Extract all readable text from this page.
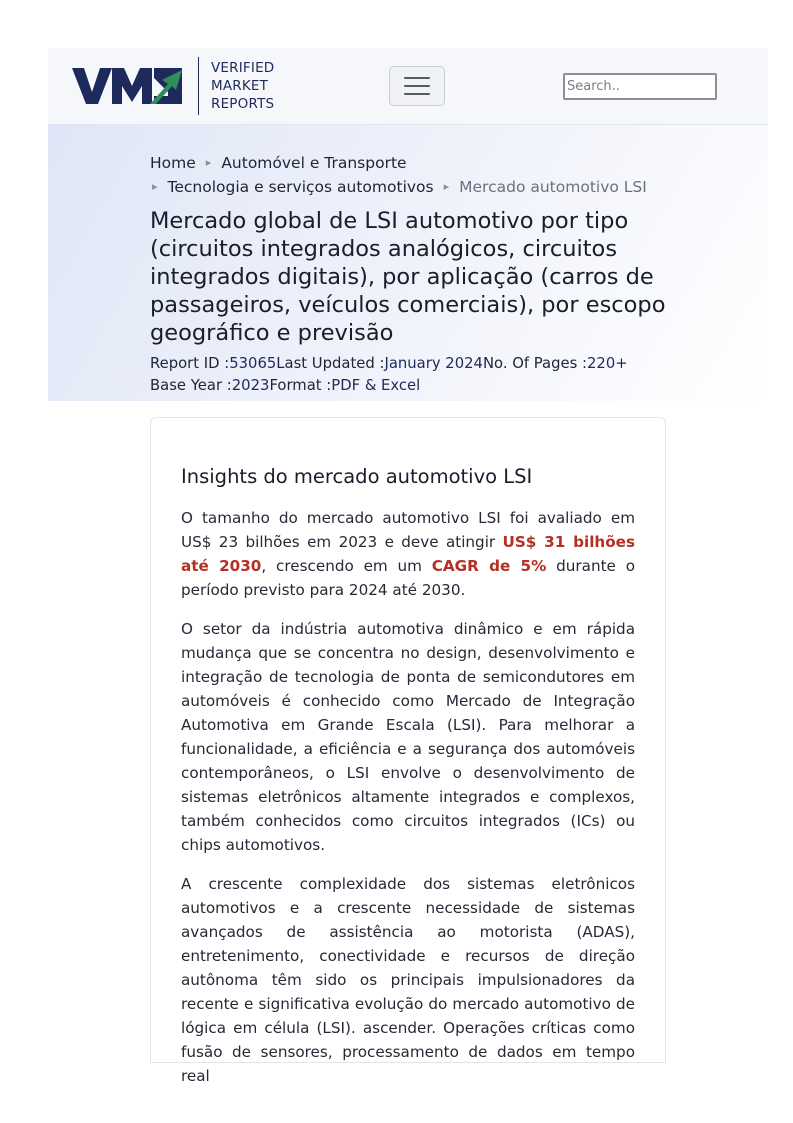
VERIFIED
MARKET
REPORTS
Search..
Home ▸ Automóvel e Transporte
▸ Tecnologia e serviços automotivos ▸ Mercado automotivo LSI
Mercado global de LSI automotivo por tipo (circuitos integrados analógicos, circuitos integrados digitais), por aplicação (carros de passageiros, veículos comerciais), por escopo geográfico e previsão
Report ID : 53065 Last Updated : January 2024 No. Of Pages : 220+
Base Year : 2023 Format : PDF & Excel
Insights do mercado automotivo LSI

O tamanho do mercado automotivo LSI foi avaliado em US$ 23 bilhões em 2023 e deve atingir US$ 31 bilhões até 2030, crescendo em um CAGR de 5% durante o período previsto para 2024 até 2030.

O setor da indústria automotiva dinâmico e em rápida mudança que se concentra no design, desenvolvimento e integração de tecnologia de ponta de semicondutores em automóveis é conhecido como Mercado de Integração Automotiva em Grande Escala (LSI). Para melhorar a funcionalidade, a eficiência e a segurança dos automóveis contemporâneos, o LSI envolve o desenvolvimento de sistemas eletrônicos altamente integrados e complexos, também conhecidos como circuitos integrados (ICs) ou chips automotivos.

A crescente complexidade dos sistemas eletrônicos automotivos e a crescente necessidade de sistemas avançados de assistência ao motorista (ADAS), entretenimento, conectividade e recursos de direção autônoma têm sido os principais impulsionadores da recente e significativa evolução do mercado automotivo de lógica em célula (LSI). ascender. Operações críticas como fusão de sensores, processamento de dados em tempo real
